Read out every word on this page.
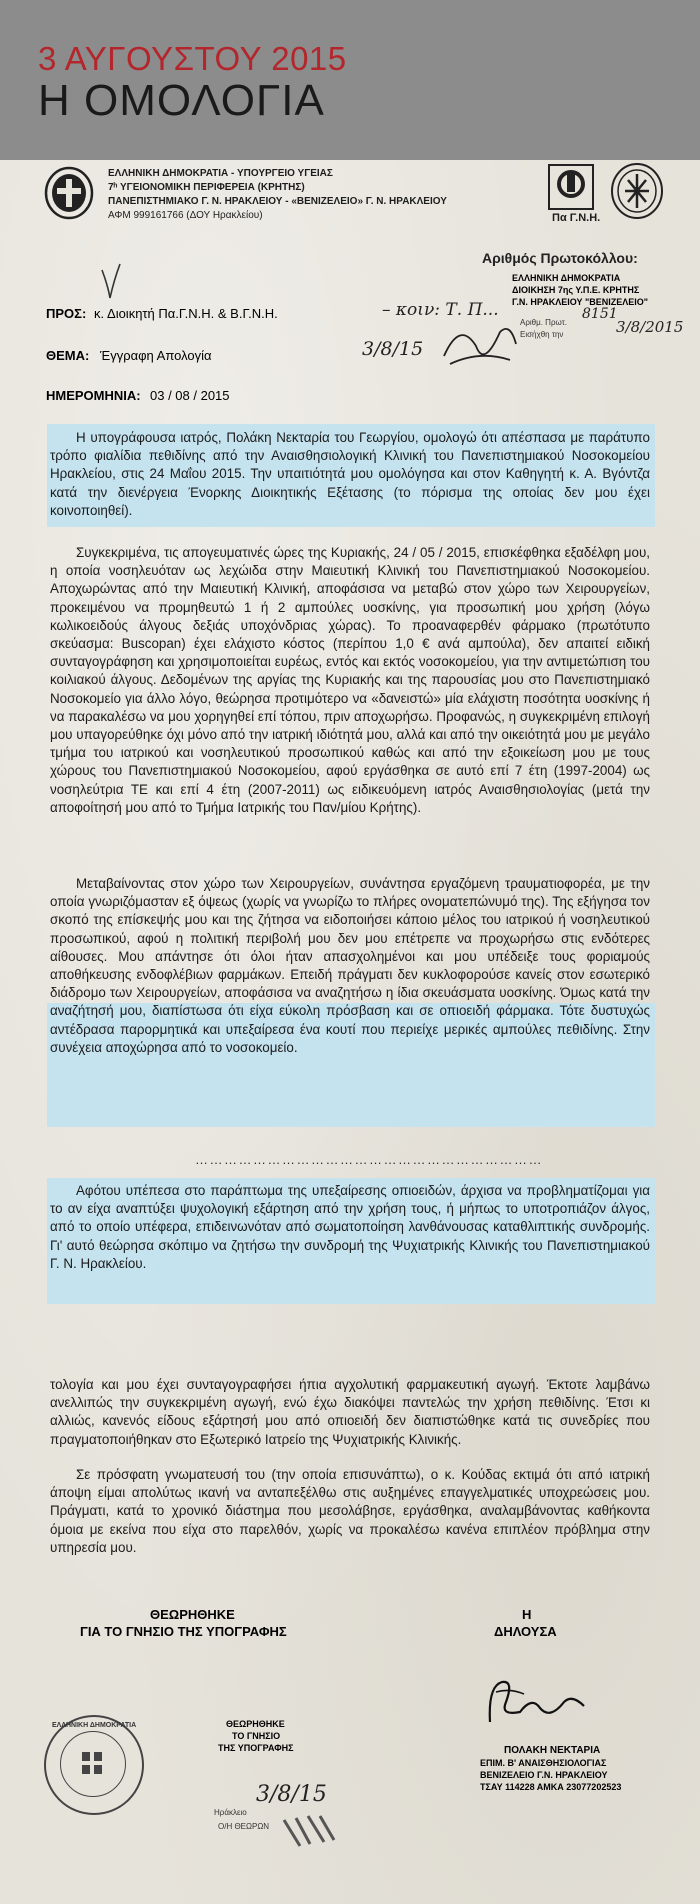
3 ΑΥΓΟΥΣΤΟΥ 2015
Η ΟΜΟΛΟΓΙΑ
ΕΛΛΗΝΙΚΗ ΔΗΜΟΚΡΑΤΙΑ - ΥΠΟΥΡΓΕΙΟ ΥΓΕΙΑΣ
7ʰ ΥΓΕΙΟΝΟΜΙΚΗ ΠΕΡΙΦΕΡΕΙΑ (ΚΡΗΤΗΣ)
ΠΑΝΕΠΙΣΤΗΜΙΑΚΟ Γ. Ν. ΗΡΑΚΛΕΙΟΥ - «ΒΕΝΙΖΕΛΕΙΟ» Γ. Ν. ΗΡΑΚΛΕΙΟΥ
ΑΦΜ 999161766 (ΔΟΥ Ηρακλείου)	Πα Γ.Ν.Η.
Αριθμός Πρωτοκόλλου:
ΕΛΛΗΝΙΚΗ ΔΗΜΟΚΡΑΤΙΑ
ΔΙΟΙΚΗΣΗ 7ης Υ.Π.Ε. ΚΡΗΤΗΣ
Γ.Ν. ΗΡΑΚΛΕΙΟΥ "ΒΕΝΙΖΕΛΕΙΟ"
8151
Αριθμ. Πρωτ.
Εισήχθη την	3/8/2015
ΠΡΟΣ: κ. Διοικητή Πα.Γ.Ν.Η. & Β.Γ.Ν.Η.	– κοιν: Τ. Π...
ΘΕΜΑ: Έγγραφη Απολογία	3/8/15
ΗΜΕΡΟΜΗΝΙΑ: 03 / 08 / 2015
Η υπογράφουσα ιατρός, Πολάκη Νεκταρία του Γεωργίου, ομολογώ ότι απέσπασα με παράτυπο τρόπο φιαλίδια πεθιδίνης από την Αναισθησιολογική Κλινική του Πανεπιστημιακού Νοσοκομείου Ηρακλείου, στις 24 Μαΐου 2015. Την υπαιτιότητά μου ομολόγησα και στον Καθηγητή κ. Α. Βγόντζα κατά την διενέργεια Ένορκης Διοικητικής Εξέτασης (το πόρισμα της οποίας δεν μου έχει κοινοποιηθεί).
Συγκεκριμένα, τις απογευματινές ώρες της Κυριακής, 24 / 05 / 2015, επισκέφθηκα εξαδέλφη μου, η οποία νοσηλευόταν ως λεχώιδα στην Μαιευτική Κλινική του Πανεπιστημιακού Νοσοκομείου. Αποχωρώντας από την Μαιευτική Κλινική, αποφάσισα να μεταβώ στον χώρο των Χειρουργείων, προκειμένου να προμηθευτώ 1 ή 2 αμπούλες υοσκίνης, για προσωπική μου χρήση (λόγω κωλικοειδούς άλγους δεξιάς υποχόνδριας χώρας). Το προαναφερθέν φάρμακο (πρωτότυπο σκεύασμα: Buscopan) έχει ελάχιστο κόστος (περίπου 1,0 € ανά αμπούλα), δεν απαιτεί ειδική συνταγογράφηση και χρησιμοποιείται ευρέως, εντός και εκτός νοσοκομείου, για την αντιμετώπιση του κοιλιακού άλγους. Δεδομένων της αργίας της Κυριακής και της παρουσίας μου στο Πανεπιστημιακό Νοσοκομείο για άλλο λόγο, θεώρησα προτιμότερο να «δανειστώ» μία ελάχιστη ποσότητα υοσκίνης ή να παρακαλέσω να μου χορηγηθεί επί τόπου, πριν αποχωρήσω. Προφανώς, η συγκεκριμένη επιλογή μου υπαγορεύθηκε όχι μόνο από την ιατρική ιδιότητά μου, αλλά και από την οικειότητά μου με μεγάλο τμήμα του ιατρικού και νοσηλευτικού προσωπικού καθώς και από την εξοικείωση μου με τους χώρους του Πανεπιστημιακού Νοσοκομείου, αφού εργάσθηκα σε αυτό επί 7 έτη (1997-2004) ως νοσηλεύτρια ΤΕ και επί 4 έτη (2007-2011) ως ειδικευόμενη ιατρός Αναισθησιολογίας (μετά την αποφοίτησή μου από το Τμήμα Ιατρικής του Παν/μίου Κρήτης).
Μεταβαίνοντας στον χώρο των Χειρουργείων, συνάντησα εργαζόμενη τραυματιοφορέα, με την οποία γνωριζόμασταν εξ όψεως (χωρίς να γνωρίζω το πλήρες ονοματεπώνυμό της). Της εξήγησα τον σκοπό της επίσκεψής μου και της ζήτησα να ειδοποιήσει κάποιο μέλος του ιατρικού ή νοσηλευτικού προσωπικού, αφού η πολιτική περιβολή μου δεν μου επέτρεπε να προχωρήσω στις ενδότερες αίθουσες. Μου απάντησε ότι όλοι ήταν απασχολημένοι και μου υπέδειξε τους φοριαμούς αποθήκευσης ενδοφλέβιων φαρμάκων. Επειδή πράγματι δεν κυκλοφορούσε κανείς στον εσωτερικό διάδρομο των Χειρουργείων, αποφάσισα να αναζητήσω η ίδια σκευάσματα υοσκίνης. Όμως κατά την αναζήτησή μου, διαπίστωσα ότι είχα εύκολη πρόσβαση και σε οπιοειδή φάρμακα. Τότε δυστυχώς αντέδρασα παρορμητικά και υπεξαίρεσα ένα κουτί που περιείχε μερικές αμπούλες πεθιδίνης. Στην συνέχεια αποχώρησα από το νοσοκομείο.
………………………………………………………………
Αφότου υπέπεσα στο παράπτωμα της υπεξαίρεσης οπιοειδών, άρχισα να προβληματίζομαι για το αν είχα αναπτύξει ψυχολογική εξάρτηση από την χρήση τους, ή μήπως το υποτροπιάζον άλγος, από το οποίο υπέφερα, επιδεινωνόταν από σωματοποίηση λανθάνουσας καταθλιπτικής συνδρομής. Γι' αυτό θεώρησα σκόπιμο να ζητήσω την συνδρομή της Ψυχιατρικής Κλινικής του Πανεπιστημιακού Γ. Ν. Ηρακλείου.
τολογία και μου έχει συνταγογραφήσει ήπια αγχολυτική φαρμακευτική αγωγή. Έκτοτε λαμβάνω ανελλιπώς την συγκεκριμένη αγωγή, ενώ έχω διακόψει παντελώς την χρήση πεθιδίνης. Έτσι κι αλλιώς, κανενός είδους εξάρτησή μου από οπιοειδή δεν διαπιστώθηκε κατά τις συνεδρίες που πραγματοποιήθηκαν στο Εξωτερικό Ιατρείο της Ψυχιατρικής Κλινικής.
Σε πρόσφατη γνωματευσή του (την οποία επισυνάπτω), ο κ. Κούδας εκτιμά ότι από ιατρική άποψη είμαι απολύτως ικανή να ανταπεξέλθω στις αυξημένες επαγγελματικές υποχρεώσεις μου. Πράγματι, κατά το χρονικό διάστημα που μεσολάβησε, εργάσθηκα, αναλαμβάνοντας καθήκοντα όμοια με εκείνα που είχα στο παρελθόν, χωρίς να προκαλέσω κανένα επιπλέον πρόβλημα στην υπηρεσία μου.
ΘΕΩΡΗΘΗΚΕ
ΓΙΑ ΤΟ ΓΝΗΣΙΟ ΤΗΣ ΥΠΟΓΡΑΦΗΣ
Η
ΔΗΛΟΥΣΑ
ΕΛΛΗΝΙΚΗ ΔΗΜΟΚΡΑΤΙΑ	ΘΕΩΡΗΘΗΚΕ
ΤΟ ΓΝΗΣΙΟ
ΤΗΣ ΥΠΟΓΡΑΦΗΣ
Ηράκλειο
3/8/15
Ο/Η ΘΕΩΡΩΝ
ΠΟΛΑΚΗ ΝΕΚΤΑΡΙΑ
ΕΠΙΜ. Β' ΑΝΑΙΣΘΗΣΙΟΛΟΓΙΑΣ
ΒΕΝΙΖΕΛΕΙΟ Γ.Ν. ΗΡΑΚΛΕΙΟΥ
ΤΣΑΥ 114228 ΑΜΚΑ 23077202523
